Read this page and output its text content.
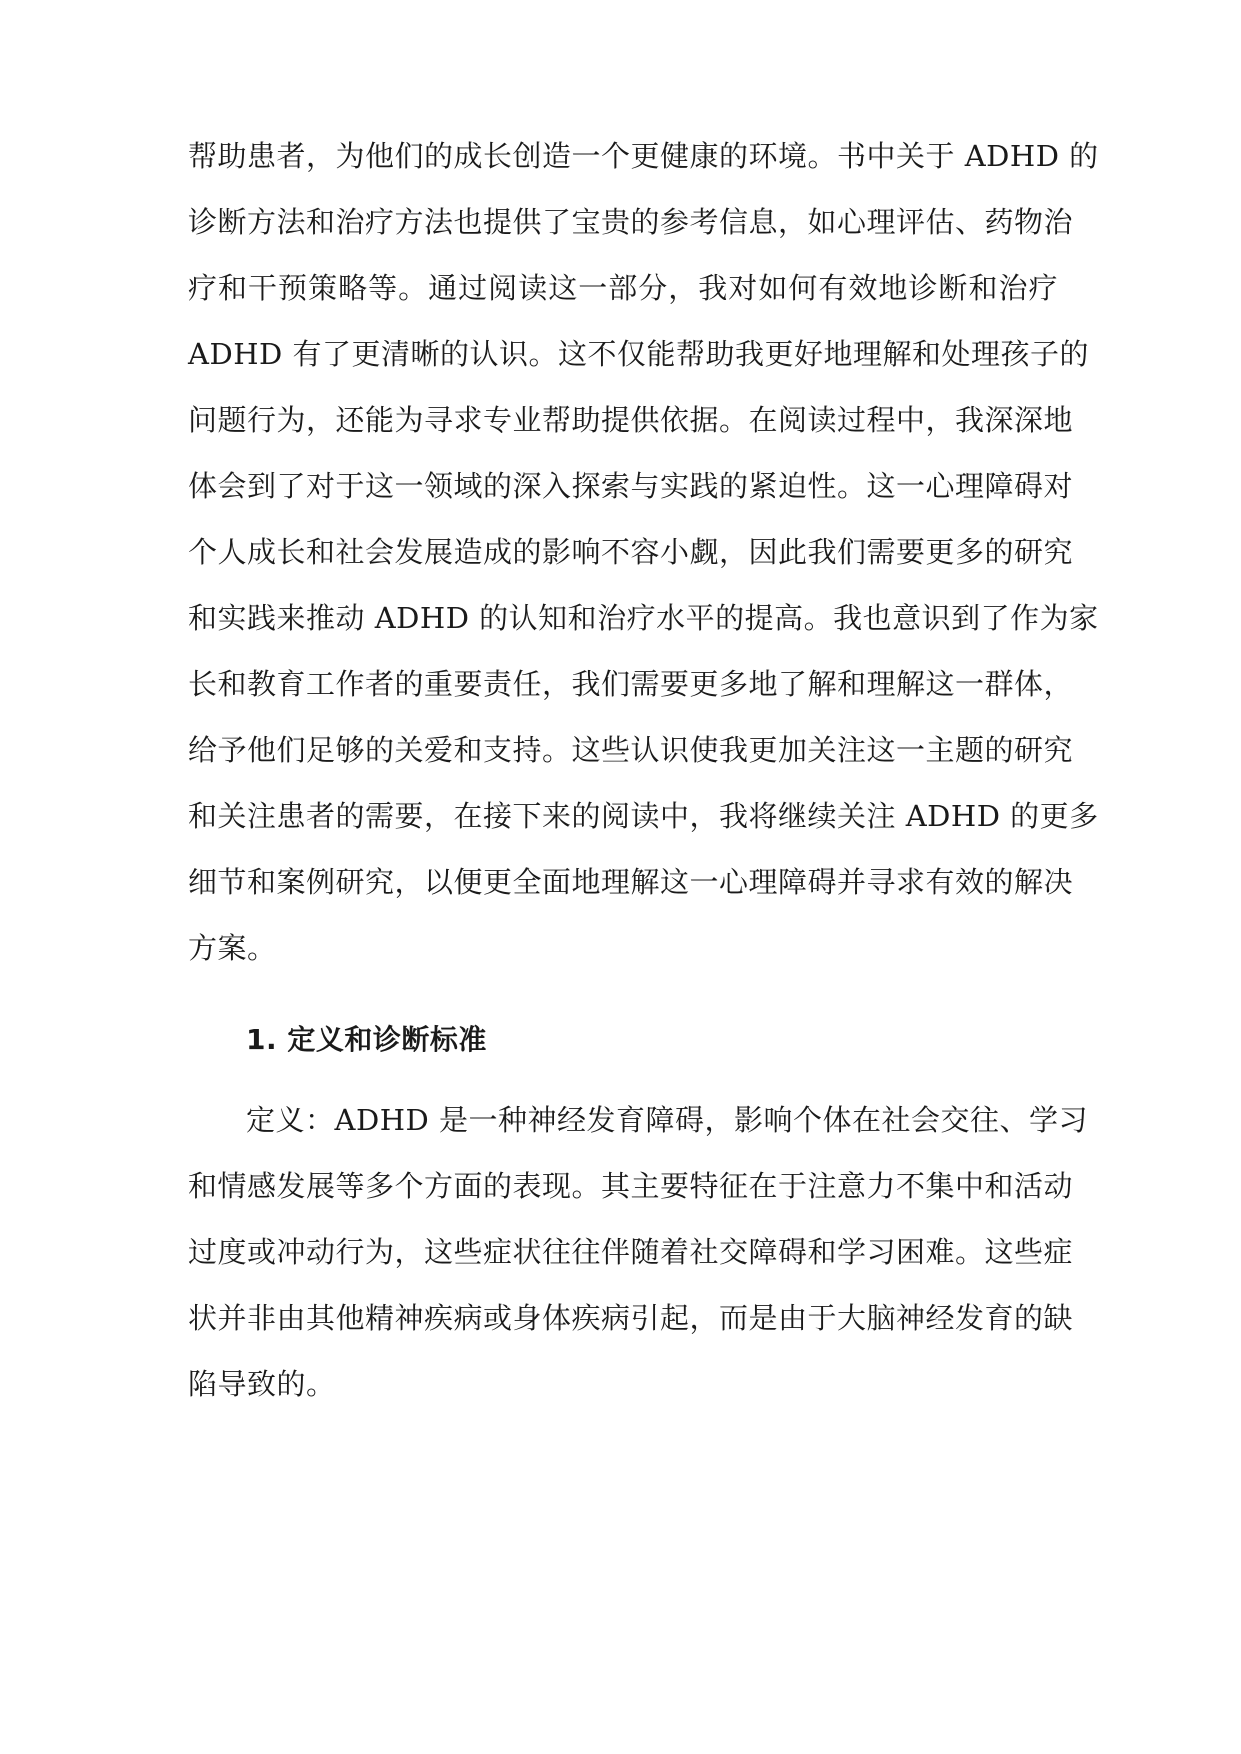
帮助患者，为他们的成长创造一个更健康的环境。书中关于 ADHD 的
诊断方法和治疗方法也提供了宝贵的参考信息，如心理评估、药物治
疗和干预策略等。通过阅读这一部分，我对如何有效地诊断和治疗
ADHD 有了更清晰的认识。这不仅能帮助我更好地理解和处理孩子的
问题行为，还能为寻求专业帮助提供依据。在阅读过程中，我深深地
体会到了对于这一领域的深入探索与实践的紧迫性。这一心理障碍对
个人成长和社会发展造成的影响不容小觑，因此我们需要更多的研究
和实践来推动 ADHD 的认知和治疗水平的提高。我也意识到了作为家
长和教育工作者的重要责任，我们需要更多地了解和理解这一群体，
给予他们足够的关爱和支持。这些认识使我更加关注这一主题的研究
和关注患者的需要，在接下来的阅读中，我将继续关注 ADHD 的更多
细节和案例研究，以便更全面地理解这一心理障碍并寻求有效的解决
方案。
1. 定义和诊断标准
定义：ADHD 是一种神经发育障碍，影响个体在社会交往、学习
和情感发展等多个方面的表现。其主要特征在于注意力不集中和活动
过度或冲动行为，这些症状往往伴随着社交障碍和学习困难。这些症
状并非由其他精神疾病或身体疾病引起，而是由于大脑神经发育的缺
陷导致的。
